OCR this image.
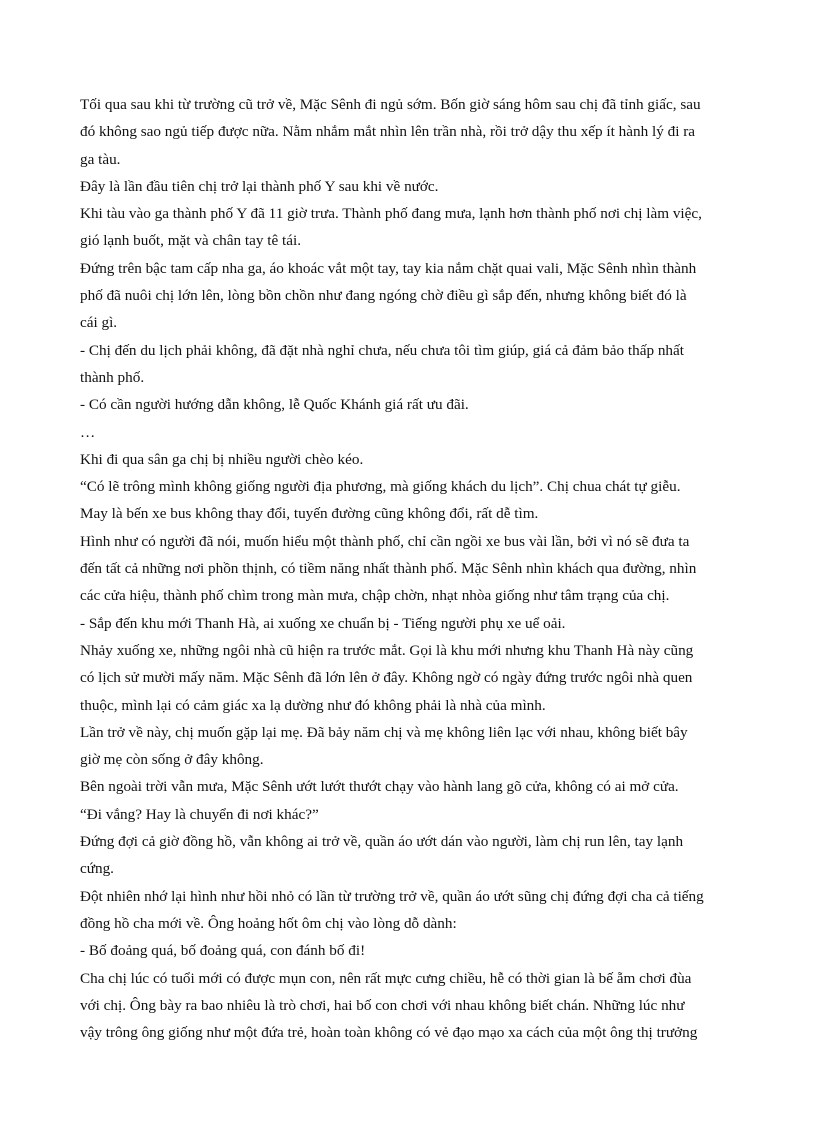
Tối qua sau khi từ trường cũ trở về, Mặc Sênh đi ngủ sớm. Bốn giờ sáng hôm sau chị đã tỉnh giấc, sau
đó không sao ngủ tiếp được nữa. Nằm nhắm mắt nhìn lên trần nhà, rồi trở dậy thu xếp ít hành lý đi ra
ga tàu.
Đây là lần đầu tiên chị trở lại thành phố Y sau khi về nước.
Khi tàu vào ga thành phố Y đã 11 giờ trưa. Thành phố đang mưa, lạnh hơn thành phố nơi chị làm việc,
gió lạnh buốt, mặt và chân tay tê tái.
Đứng trên bậc tam cấp nha ga, áo khoác vắt một tay, tay kia nắm chặt quai vali, Mặc Sênh nhìn thành
phố đã nuôi chị lớn lên, lòng bồn chồn như đang ngóng chờ điều gì sắp đến, nhưng không biết đó là
cái gì.
- Chị đến du lịch phải không, đã đặt nhà nghỉ chưa, nếu chưa tôi tìm giúp, giá cả đảm bảo thấp nhất
thành phố.
- Có cần người hướng dẫn không, lễ Quốc Khánh giá rất ưu đãi.
…
Khi đi qua sân ga chị bị nhiều người chèo kéo.
“Có lẽ trông mình không giống người địa phương, mà giống khách du lịch”. Chị chua chát tự giễu.
May là bến xe bus không thay đổi, tuyến đường cũng không đổi, rất dễ tìm.
Hình như có người đã nói, muốn hiểu một thành phố, chỉ cần ngồi xe bus vài lần, bởi vì nó sẽ đưa ta
đến tất cả những nơi phồn thịnh, có tiềm năng nhất thành phố. Mặc Sênh nhìn khách qua đường, nhìn
các cửa hiệu, thành phố chìm trong màn mưa, chập chờn, nhạt nhòa giống như tâm trạng của chị.
- Sắp đến khu mới Thanh Hà, ai xuống xe chuẩn bị - Tiếng người phụ xe uể oải.
Nhảy xuống xe, những ngôi nhà cũ hiện ra trước mắt. Gọi là khu mới nhưng khu Thanh Hà này cũng
có lịch sử mười mấy năm. Mặc Sênh đã lớn lên ở đây. Không ngờ có ngày đứng trước ngôi nhà quen
thuộc, mình lại có cảm giác xa lạ dường như đó không phải là nhà của mình.
Lần trở về này, chị muốn gặp lại mẹ. Đã bảy năm chị và mẹ không liên lạc với nhau, không biết bây
giờ mẹ còn sống ở đây không.
Bên ngoài trời vẫn mưa, Mặc Sênh ướt lướt thướt chạy vào hành lang gõ cửa, không có ai mở cửa.
“Đi vắng? Hay là chuyển đi nơi khác?”
Đứng đợi cả giờ đồng hồ, vẫn không ai trở về, quần áo ướt dán vào người, làm chị run lên, tay lạnh
cứng.
Đột nhiên nhớ lại hình như hồi nhỏ có lần từ trường trở về, quần áo ướt sũng chị đứng đợi cha cả tiếng
đồng hồ cha mới về. Ông hoảng hốt ôm chị vào lòng dỗ dành:
- Bố đoảng quá, bố đoảng quá, con đánh bố đi!
Cha chị lúc có tuổi mới có được mụn con, nên rất mực cưng chiều, hễ có thời gian là bế ẵm chơi đùa
với chị. Ông bày ra bao nhiêu là trò chơi, hai bố con chơi với nhau không biết chán. Những lúc như
vậy trông ông giống như một đứa trẻ, hoàn toàn không có vẻ đạo mạo xa cách của một ông thị trưởng
